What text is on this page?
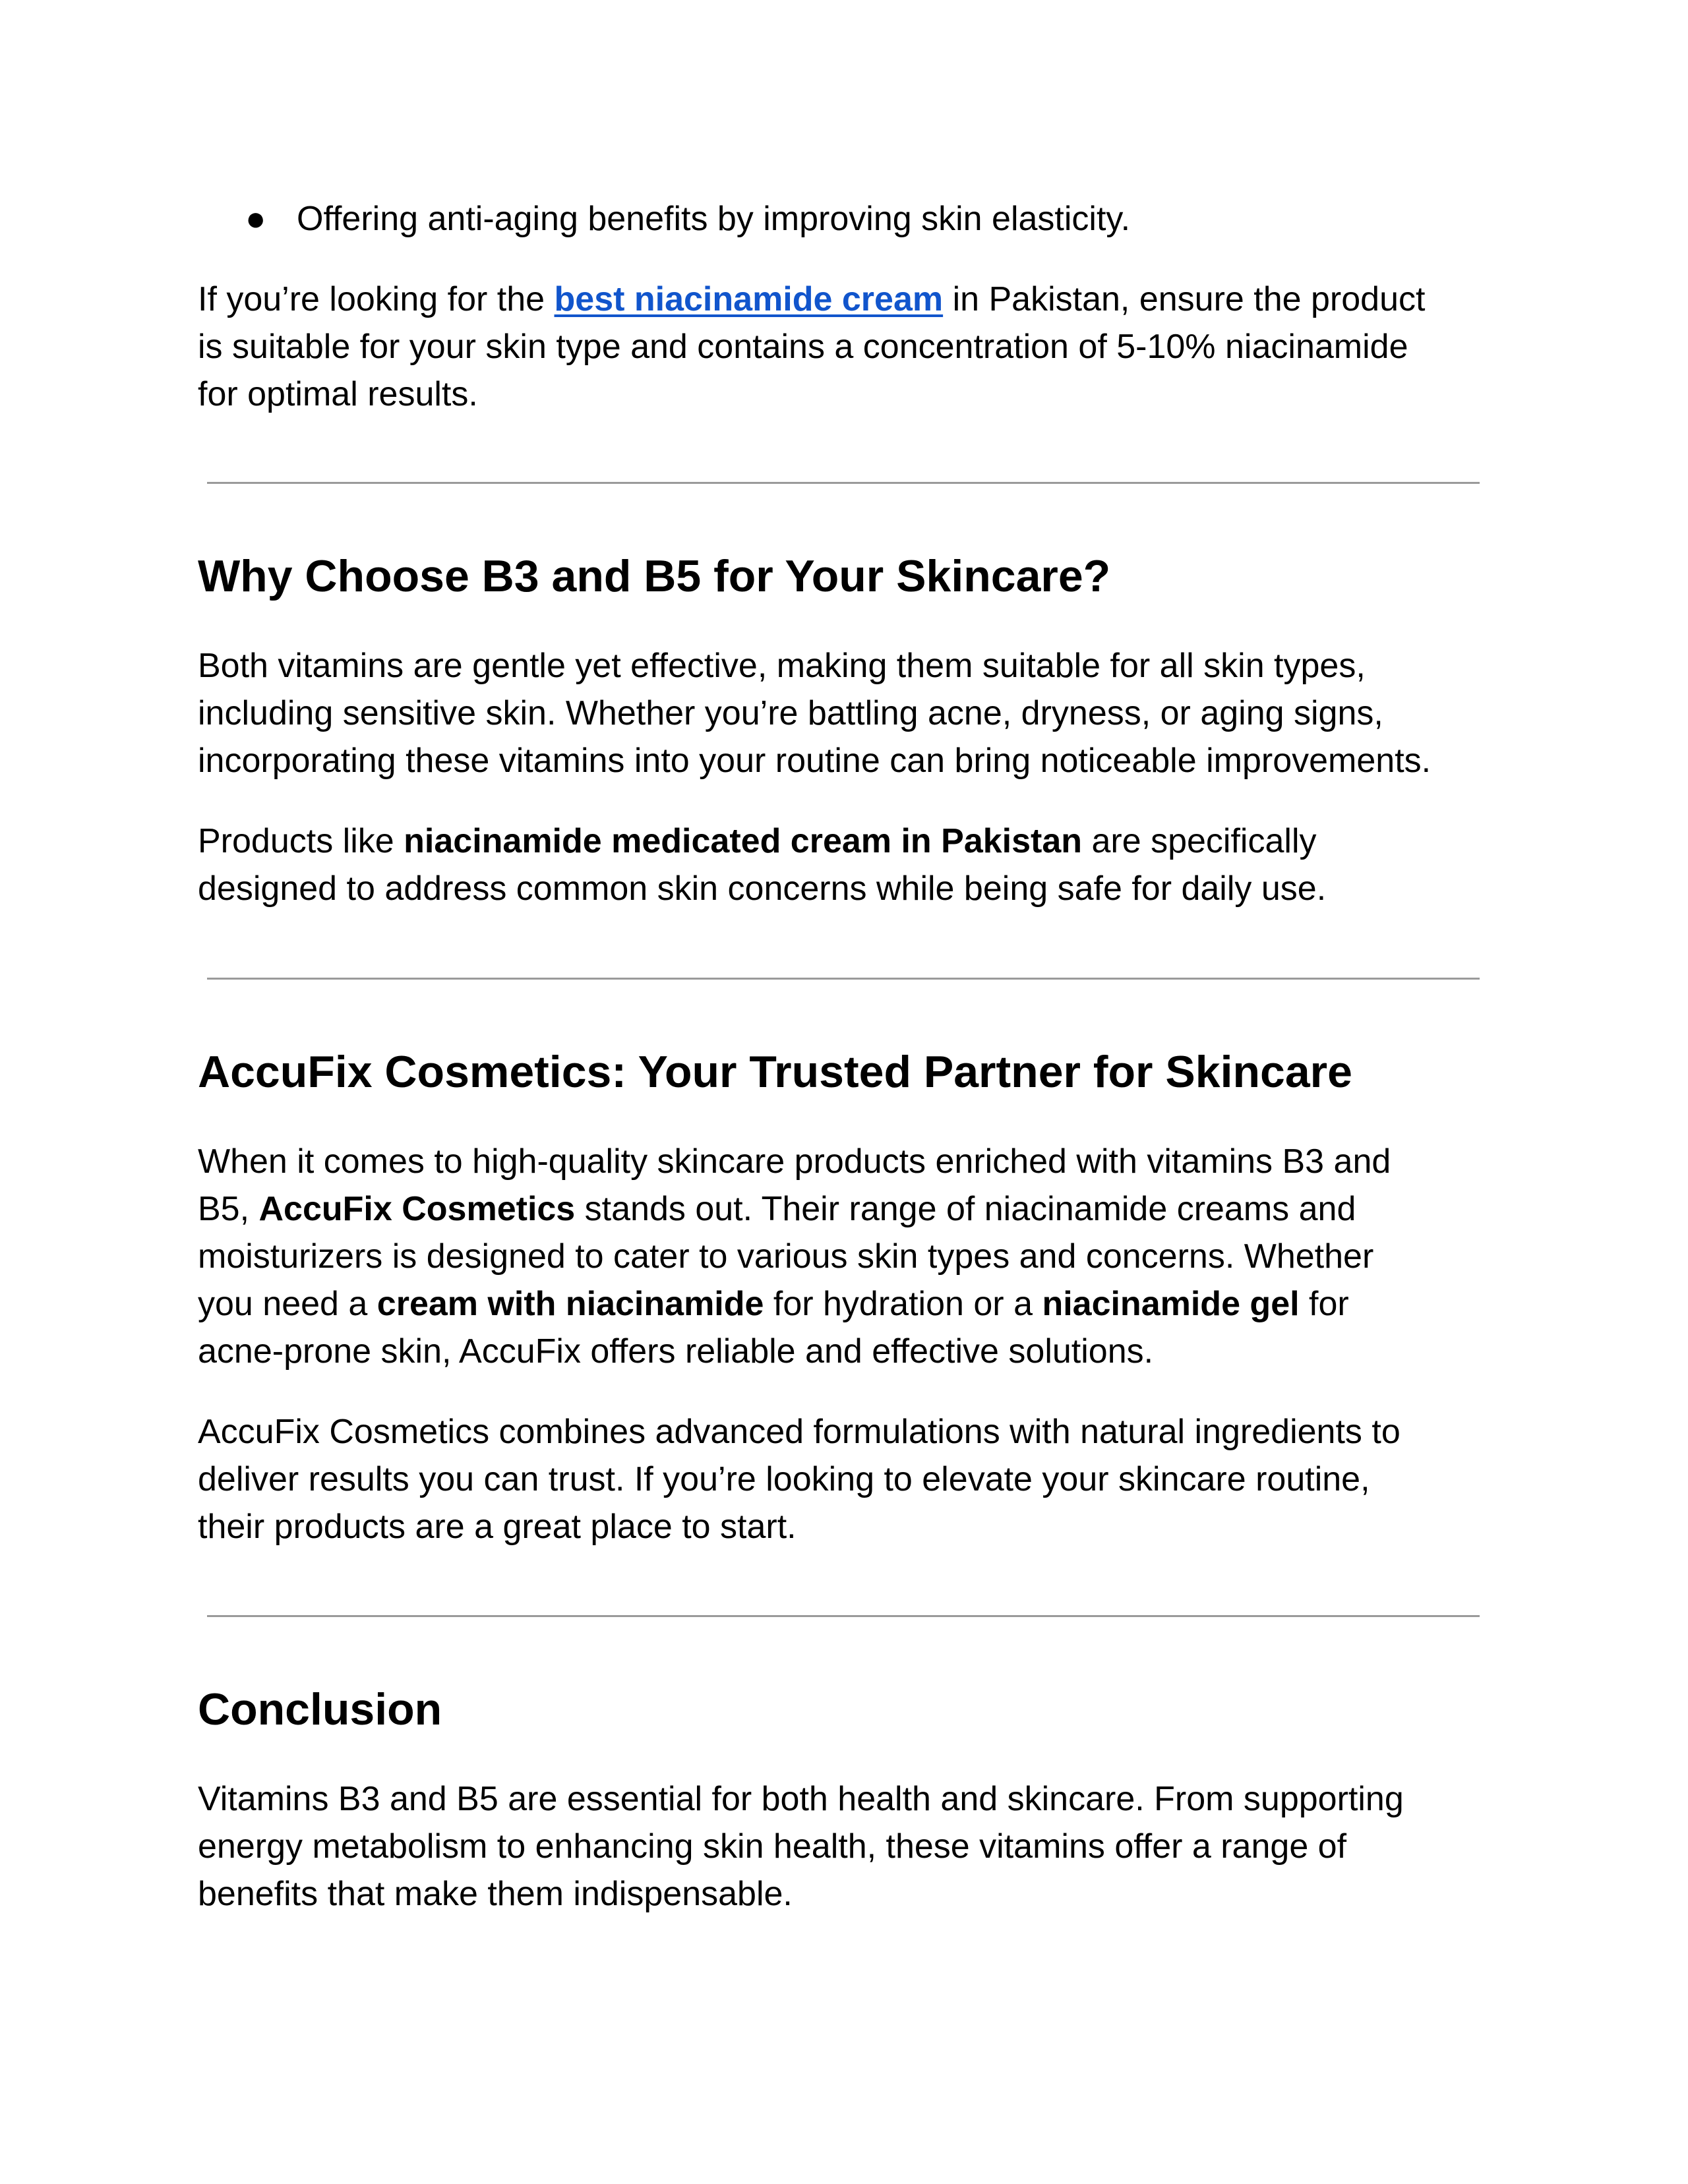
● Offering anti-aging benefits by improving skin elasticity.

If you’re looking for the best niacinamide cream in Pakistan, ensure the product
is suitable for your skin type and contains a concentration of 5-10% niacinamide
for optimal results.

Why Choose B3 and B5 for Your Skincare?

Both vitamins are gentle yet effective, making them suitable for all skin types,
including sensitive skin. Whether you’re battling acne, dryness, or aging signs,
incorporating these vitamins into your routine can bring noticeable improvements.

Products like niacinamide medicated cream in Pakistan are specifically
designed to address common skin concerns while being safe for daily use.

AccuFix Cosmetics: Your Trusted Partner for Skincare

When it comes to high-quality skincare products enriched with vitamins B3 and
B5, AccuFix Cosmetics stands out. Their range of niacinamide creams and
moisturizers is designed to cater to various skin types and concerns. Whether
you need a cream with niacinamide for hydration or a niacinamide gel for
acne-prone skin, AccuFix offers reliable and effective solutions.

AccuFix Cosmetics combines advanced formulations with natural ingredients to
deliver results you can trust. If you’re looking to elevate your skincare routine,
their products are a great place to start.

Conclusion

Vitamins B3 and B5 are essential for both health and skincare. From supporting
energy metabolism to enhancing skin health, these vitamins offer a range of
benefits that make them indispensable.
